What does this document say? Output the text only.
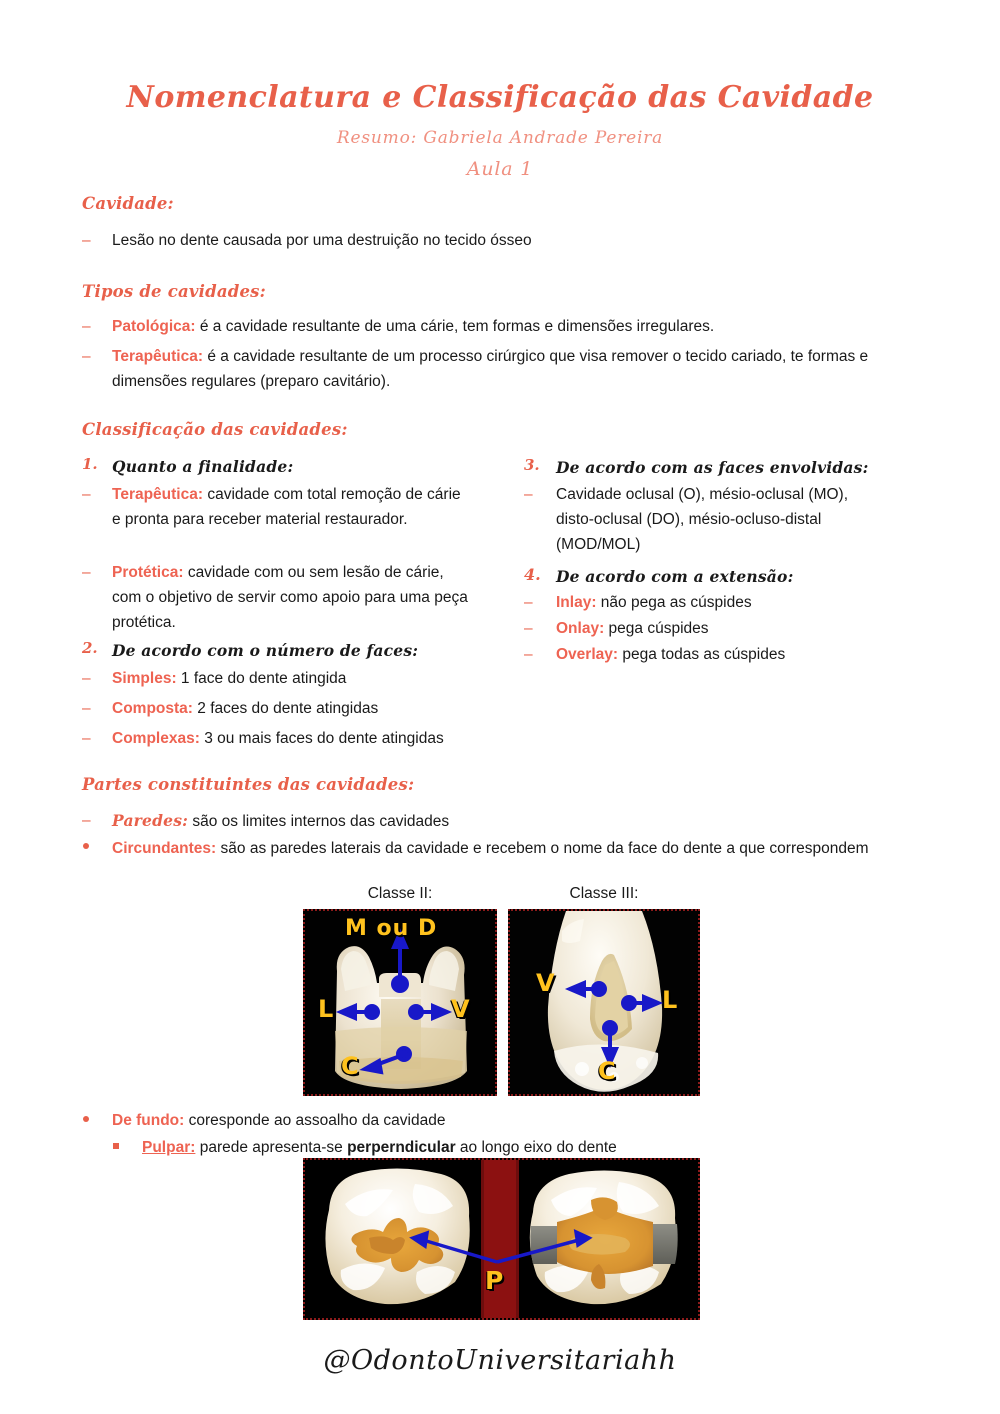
Nomenclatura e Classificação das Cavidade
Resumo: Gabriela Andrade Pereira
Aula 1
Cavidade:
– Lesão no dente causada por uma destruição no tecido ósseo
Tipos de cavidades:
– Patológica: é a cavidade resultante de uma cárie, tem formas e dimensões irregulares.
– Terapêutica: é a cavidade resultante de um processo cirúrgico que visa remover o tecido cariado, te formas e dimensões regulares (preparo cavitário).
Classificação das cavidades:
1. Quanto a finalidade:
– Terapêutica: cavidade com total remoção de cárie e pronta para receber material restaurador.
– Protética: cavidade com ou sem lesão de cárie, com o objetivo de servir como apoio para uma peça protética.
2. De acordo com o número de faces:
– Simples: 1 face do dente atingida
– Composta: 2 faces do dente atingidas
– Complexas: 3 ou mais faces do dente atingidas
3. De acordo com as faces envolvidas:
– Cavidade oclusal (O), mésio-oclusal (MO), disto-oclusal (DO), mésio-ocluso-distal (MOD/MOL)
4. De acordo com a extensão:
– Inlay: não pega as cúspides
– Onlay: pega cúspides
– Overlay: pega todas as cúspides
Partes constituintes das cavidades:
– Paredes: são os limites internos das cavidades
Circundantes: são as paredes laterais da cavidade e recebem o nome da face do dente a que correspondem
Classe II:	Classe III:
M ou D
L	V
C
V
L
C
De fundo: coresponde ao assoalho da cavidade
Pulpar: parede apresenta-se perperndicular ao longo eixo do dente
P
@OdontoUniversitariahh
